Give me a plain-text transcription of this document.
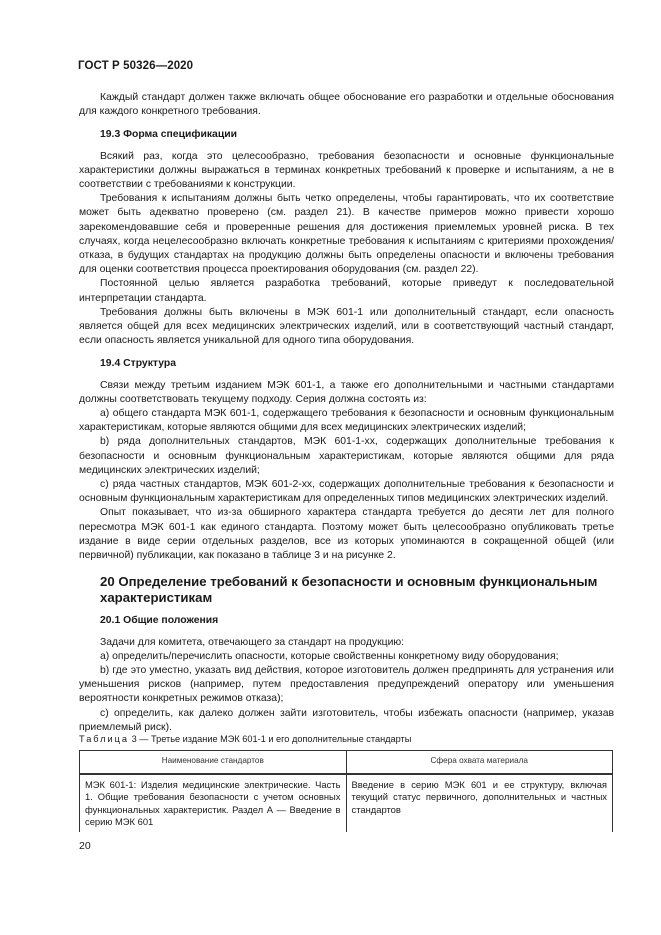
ГОСТ Р 50326—2020

Каждый стандарт должен также включать общее обоснование его разработки и отдельные обоснования для каждого конкретного требования.

19.3 Форма спецификации

Всякий раз, когда это целесообразно, требования безопасности и основные функциональные характеристики должны выражаться в терминах конкретных требований к проверке и испытаниям, а не в соответствии с требованиями к конструкции.

Требования к испытаниям должны быть четко определены, чтобы гарантировать, что их соответствие может быть адекватно проверено (см. раздел 21). В качестве примеров можно привести хорошо зарекомендовавшие себя и проверенные решения для достижения приемлемых уровней риска. В тех случаях, когда нецелесообразно включать конкретные требования к испытаниям с критериями прохождения/отказа, в будущих стандартах на продукцию должны быть определены опасности и включены требования для оценки соответствия процесса проектирования оборудования (см. раздел 22).

Постоянной целью является разработка требований, которые приведут к последовательной интерпретации стандарта.

Требования должны быть включены в МЭК 601-1 или дополнительный стандарт, если опасность является общей для всех медицинских электрических изделий, или в соответствующий частный стандарт, если опасность является уникальной для одного типа оборудования.

19.4 Структура

Связи между третьим изданием МЭК 601-1, а также его дополнительными и частными стандартами должны соответствовать текущему подходу. Серия должна состоять из:

а) общего стандарта МЭК 601-1, содержащего требования к безопасности и основным функциональным характеристикам, которые являются общими для всех медицинских электрических изделий;

b) ряда дополнительных стандартов, МЭК 601-1-хх, содержащих дополнительные требования к безопасности и основным функциональным характеристикам, которые являются общими для ряда медицинских электрических изделий;

с) ряда частных стандартов, МЭК 601-2-хх, содержащих дополнительные требования к безопасности и основным функциональным характеристикам для определенных типов медицинских электрических изделий.

Опыт показывает, что из-за обширного характера стандарта требуется до десяти лет для полного пересмотра МЭК 601-1 как единого стандарта. Поэтому может быть целесообразно опубликовать третье издание в виде серии отдельных разделов, все из которых упоминаются в сокращенной общей (или первичной) публикации, как показано в таблице 3 и на рисунке 2.

20 Определение требований к безопасности и основным функциональным характеристикам
20.1 Общие положения

Задачи для комитета, отвечающего за стандарт на продукцию:

а) определить/перечислить опасности, которые свойственны конкретному виду оборудования;

b) где это уместно, указать вид действия, которое изготовитель должен предпринять для устранения или уменьшения рисков (например, путем предоставления предупреждений оператору или уменьшения вероятности конкретных режимов отказа);

с) определить, как далеко должен зайти изготовитель, чтобы избежать опасности (например, указав приемлемый риск).

Таблица 3 — Третье издание МЭК 601-1 и его дополнительные стандарты
Наименование стандартов	Сфера охвата материала
МЭК 601-1: Изделия медицинские электрические. Часть 1. Общие требования безопасности с учетом основных функциональных характеристик. Раздел А — Введение в серию МЭК 601	Введение в серию МЭК 601 и ее структуру, включая текущий статус первичного, дополнительных и частных стандартов
20
